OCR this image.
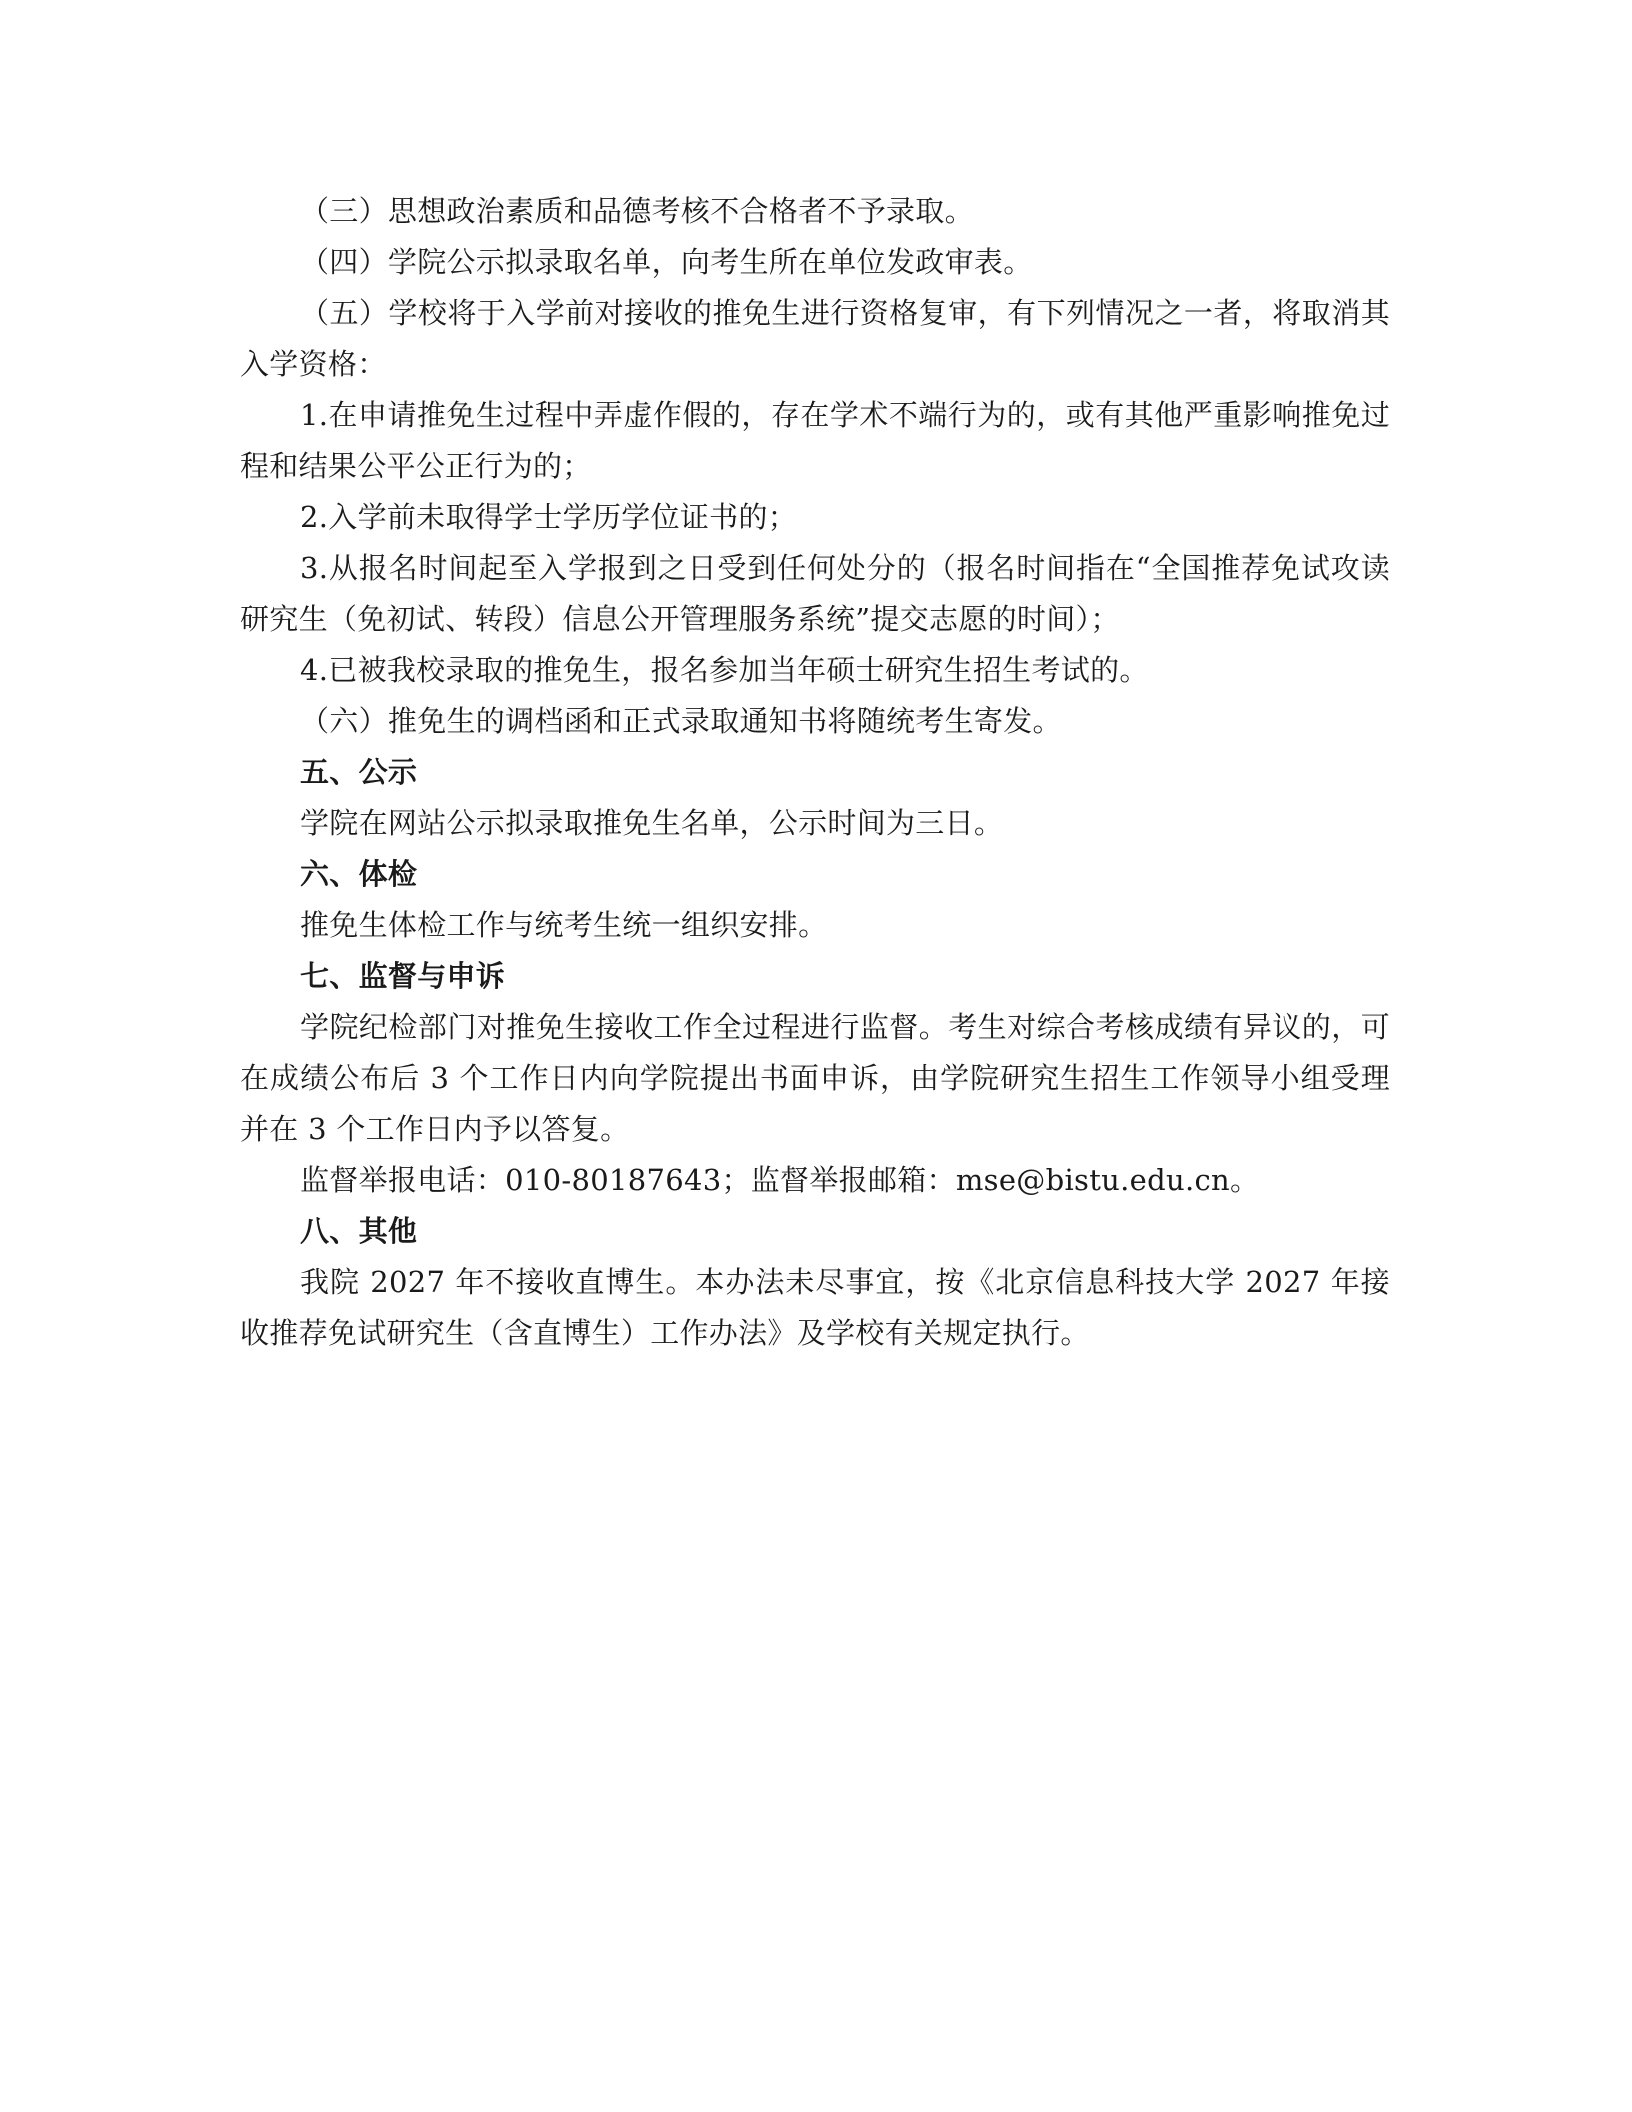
（三）思想政治素质和品德考核不合格者不予录取。

（四）学院公示拟录取名单，向考生所在单位发政审表。

（五）学校将于入学前对接收的推免生进行资格复审，有下列情况之一者，将取消其入学资格：

1.在申请推免生过程中弄虚作假的，存在学术不端行为的，或有其他严重影响推免过程和结果公平公正行为的；

2.入学前未取得学士学历学位证书的；

3.从报名时间起至入学报到之日受到任何处分的（报名时间指在“全国推荐免试攻读研究生（免初试、转段）信息公开管理服务系统”提交志愿的时间）；

4.已被我校录取的推免生，报名参加当年硕士研究生招生考试的。

（六）推免生的调档函和正式录取通知书将随统考生寄发。

五、公示

学院在网站公示拟录取推免生名单，公示时间为三日。

六、体检

推免生体检工作与统考生统一组织安排。

七、监督与申诉

学院纪检部门对推免生接收工作全过程进行监督。考生对综合考核成绩有异议的，可在成绩公布后 3 个工作日内向学院提出书面申诉，由学院研究生招生工作领导小组受理并在 3 个工作日内予以答复。

监督举报电话：010-80187643；监督举报邮箱：mse@bistu.edu.cn。

八、其他

我院 2027 年不接收直博生。本办法未尽事宜，按《北京信息科技大学 2027 年接收推荐免试研究生（含直博生）工作办法》及学校有关规定执行。
